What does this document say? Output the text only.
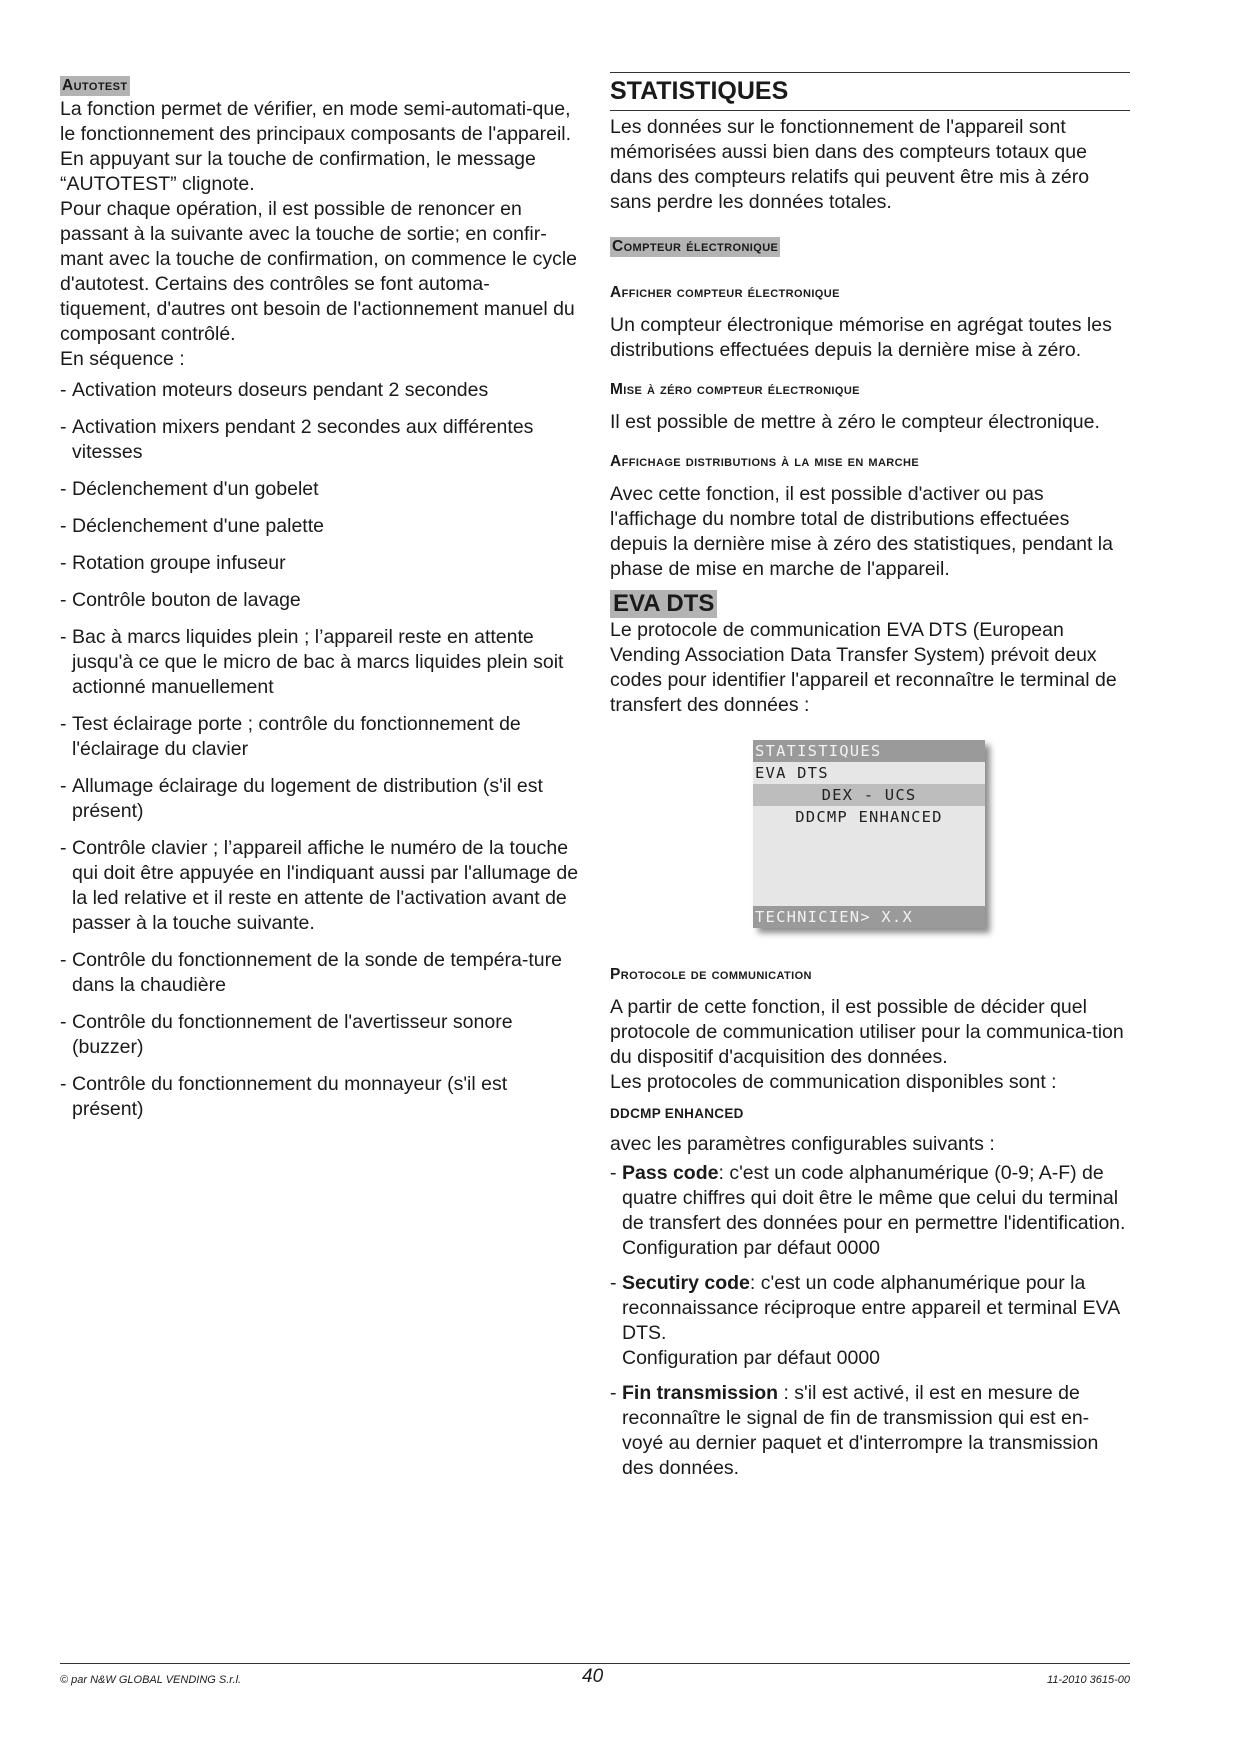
Autotest

La fonction permet de vérifier, en mode semi-automati-que, le fonctionnement des principaux composants de l'appareil. En appuyant sur la touche de confirmation, le message “AUTOTEST” clignote.

Pour chaque opération, il est possible de renoncer en passant à la suivante avec la touche de sortie; en confir-mant avec la touche de confirmation, on commence le cycle d'autotest. Certains des contrôles se font automa-tiquement, d'autres ont besoin de l'actionnement manuel du composant contrôlé.

En séquence :

- Activation moteurs doseurs pendant 2 secondes
- Activation mixers pendant 2 secondes aux différentes vitesses
- Déclenchement d'un gobelet
- Déclenchement d'une palette
- Rotation groupe infuseur
- Contrôle bouton de lavage
- Bac à marcs liquides plein ; l’appareil reste en attente jusqu'à ce que le micro de bac à marcs liquides plein soit actionné manuellement
- Test éclairage porte ; contrôle du fonctionnement de l'éclairage du clavier
- Allumage éclairage du logement de distribution (s'il est présent)
- Contrôle clavier ; l’appareil affiche le numéro de la touche qui doit être appuyée en l'indiquant aussi par l'allumage de la led relative et il reste en attente de l'activation avant de passer à la touche suivante.
- Contrôle du fonctionnement de la sonde de tempéra-ture dans la chaudière
- Contrôle du fonctionnement de l'avertisseur sonore (buzzer)
- Contrôle du fonctionnement du monnayeur (s'il est présent)
STATISTIQUES

Les données sur le fonctionnement de l'appareil sont mémorisées aussi bien dans des compteurs totaux que dans des compteurs relatifs qui peuvent être mis à zéro sans perdre les données totales.

Compteur électronique
Afficher compteur électronique

Un compteur électronique mémorise en agrégat toutes les distributions effectuées depuis la dernière mise à zéro.

Mise à zéro compteur électronique

Il est possible de mettre à zéro le compteur électronique.

Affichage distributions à la mise en marche

Avec cette fonction, il est possible d'activer ou pas l'affichage du nombre total de distributions effectuées depuis la dernière mise à zéro des statistiques, pendant la phase de mise en marche de l'appareil.

EVA DTS

Le protocole de communication EVA DTS (European Vending Association Data Transfer System) prévoit deux codes pour identifier l'appareil et reconnaître le terminal de transfert des données :

STATISTIQUES
EVA DTS
DEX - UCS
DDCMP ENHANCED
TECHNICIEN> X.X
Protocole de communication

A partir de cette fonction, il est possible de décider quel protocole de communication utiliser pour la communica-tion du dispositif d'acquisition des données.

Les protocoles de communication disponibles sont :

DDCMP ENHANCED

avec les paramètres configurables suivants :

- Pass code: c'est un code alphanumérique (0-9; A-F) de quatre chiffres qui doit être le même que celui du terminal de transfert des données pour en permettre l'identification.
Configuration par défaut 0000
- Secutiry code: c'est un code alphanumérique pour la reconnaissance réciproque entre appareil et terminal EVA DTS.
Configuration par défaut 0000
- Fin transmission : s'il est activé, il est en mesure de reconnaître le signal de fin de transmission qui est en-voyé au dernier paquet et d'interrompre la transmission des données.
© par N&W GLOBAL VENDING S.r.l.	40	11-2010 3615-00
